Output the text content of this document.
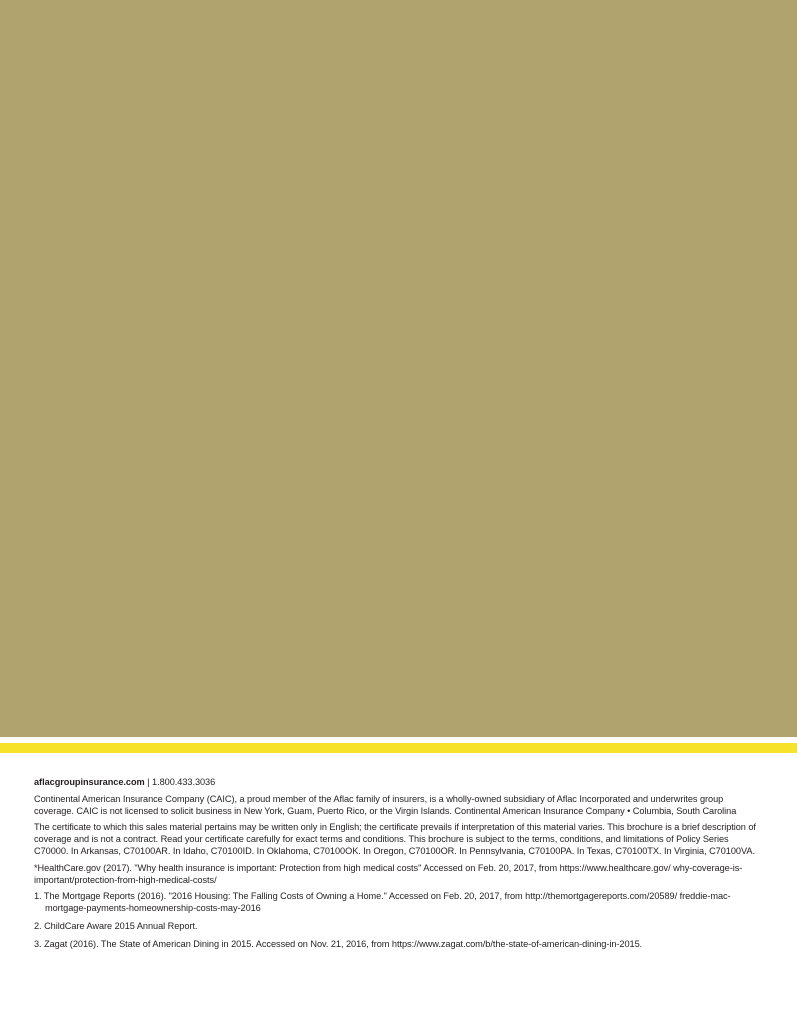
aflacgroupinsurance.com | 1.800.433.3036

Continental American Insurance Company (CAIC), a proud member of the Aflac family of insurers, is a wholly-owned subsidiary of Aflac Incorporated and underwrites group coverage. CAIC is not licensed to solicit business in New York, Guam, Puerto Rico, or the Virgin Islands. Continental American Insurance Company • Columbia, South Carolina

The certificate to which this sales material pertains may be written only in English; the certificate prevails if interpretation of this material varies. This brochure is a brief description of coverage and is not a contract. Read your certificate carefully for exact terms and conditions. This brochure is subject to the terms, conditions, and limitations of Policy Series C70000. In Arkansas, C70100AR. In Idaho, C70100ID. In Oklahoma, C70100OK. In Oregon, C70100OR. In Pennsylvania, C70100PA. In Texas, C70100TX. In Virginia, C70100VA.

*HealthCare.gov (2017). "Why health insurance is important: Protection from high medical costs" Accessed on Feb. 20, 2017, from https://www.healthcare.gov/ why-coverage-is-important/protection-from-high-medical-costs/

1. The Mortgage Reports (2016). "2016 Housing: The Falling Costs of Owning a Home." Accessed on Feb. 20, 2017, from http://themortgagereports.com/20589/ freddie-mac-mortgage-payments-homeownership-costs-may-2016
2. ChildCare Aware 2015 Annual Report.
3. Zagat (2016). The State of American Dining in 2015. Accessed on Nov. 21, 2016, from https://www.zagat.com/b/the-state-of-american-dining-in-2015.
